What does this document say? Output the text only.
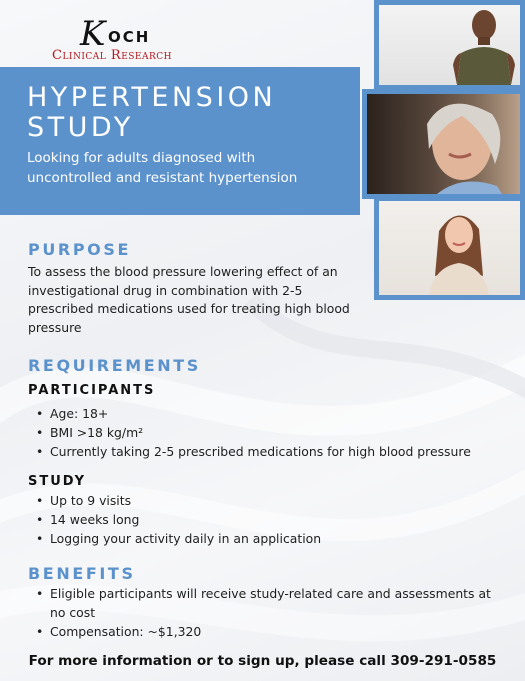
K OCH
Clinical Research
HYPERTENSION STUDY
Looking for adults diagnosed with uncontrolled and resistant hypertension
PURPOSE
To assess the blood pressure lowering effect of an investigational drug in combination with 2-5 prescribed medications used for treating high blood pressure
REQUIREMENTS
PARTICIPANTS
• Age: 18+
• BMI >18 kg/m²
• Currently taking 2-5 prescribed medications for high blood pressure
STUDY
• Up to 9 visits
• 14 weeks long
• Logging your activity daily in an application
BENEFITS
• Eligible participants will receive study-related care and assessments at no cost
• Compensation: ~$1,320
For more information or to sign up, please call 309-291-0585
